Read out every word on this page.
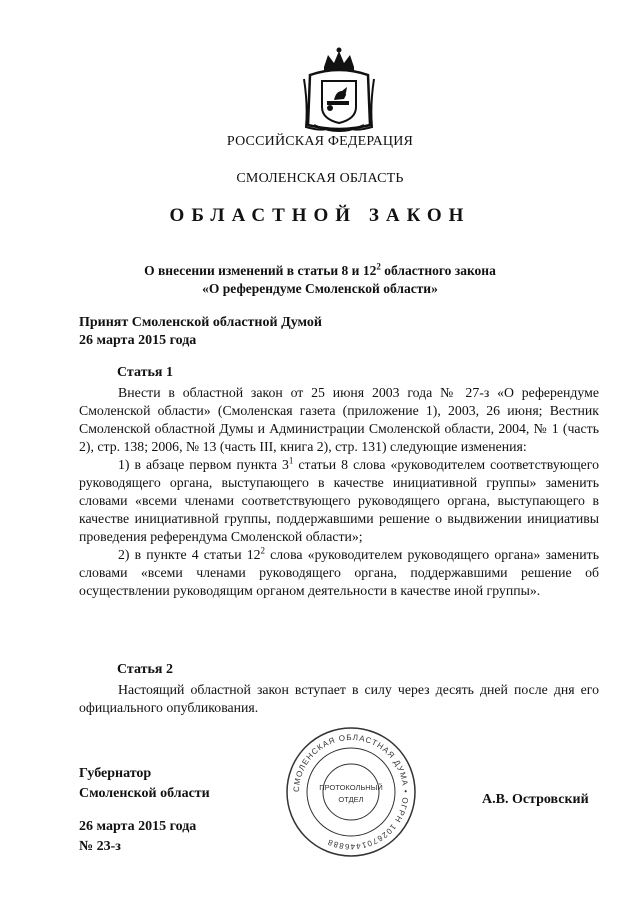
РОССИЙСКАЯ ФЕДЕРАЦИЯ
СМОЛЕНСКАЯ ОБЛАСТЬ
ОБЛАСТНОЙ ЗАКОН
О внесении изменений в статьи 8 и $12^2$ областного закона
«О референдуме Смоленской области»
Принят Смоленской областной Думой
26 марта 2015 года
Статья 1
Внести в областной закон от 25 июня 2003 года № 27-з «О референдуме Смоленской области» (Смоленская газета (приложение 1), 2003, 26 июня; Вестник Смоленской областной Думы и Администрации Смоленской области, 2004, № 1 (часть 2), стр. 138; 2006, № 13 (часть III, книга 2), стр. 131) следующие изменения:
1) в абзаце первом пункта $3^1$ статьи 8 слова «руководителем соответствующего руководящего органа, выступающего в качестве инициативной группы» заменить словами «всеми членами соответствующего руководящего органа, выступающего в качестве инициативной группы, поддержавшими решение о выдвижении инициативы проведения референдума Смоленской области»;
2) в пункте 4 статьи $12^2$ слова «руководителем руководящего органа» заменить словами «всеми членами руководящего органа, поддержавшими решение об осуществлении руководящим органом деятельности в качестве иной группы».
Статья 2
Настоящий областной закон вступает в силу через десять дней после дня его официального опубликования.
Губернатор
Смоленской области	А.В. Островский
СМОЛЕНСКАЯ ОБЛАСТНАЯ ДУМА • ОГРН 1026701446888
ПРОТОКОЛЬНЫЙ
ОТДЕЛ
26 марта 2015 года
№ 23-з
